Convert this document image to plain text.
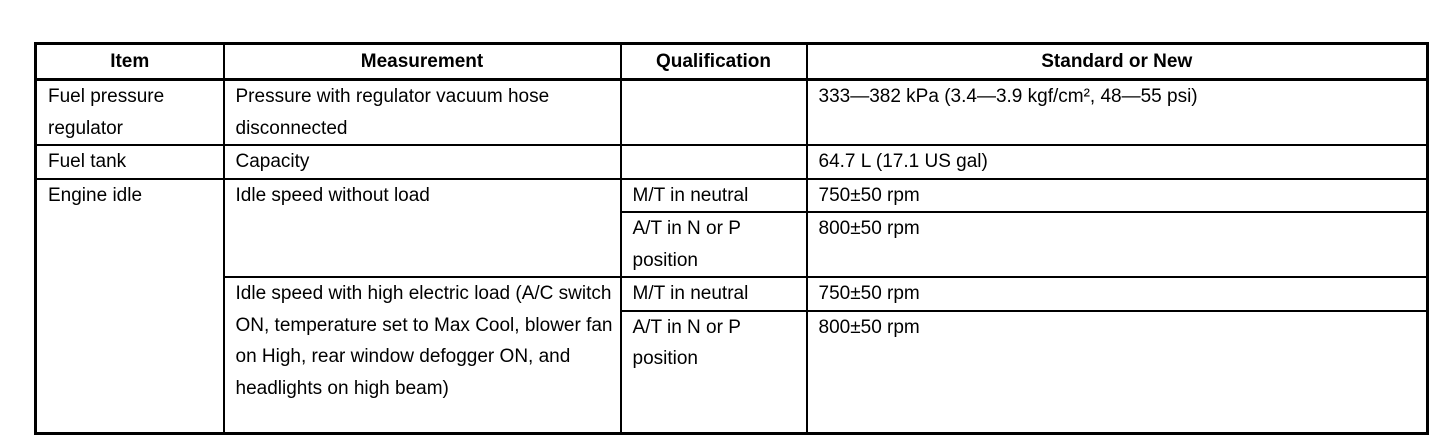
Item	Measurement	Qualification	Standard or New
Fuel pressure regulator	Pressure with regulator vacuum hose disconnected		333—382 kPa (3.4—3.9 kgf/cm², 48—55 psi)
Fuel tank	Capacity		64.7 L (17.1 US gal)
Engine idle	Idle speed without load	M/T in neutral	750±50 rpm
		A/T in N or P position	800±50 rpm
	Idle speed with high electric load (A/C switch ON, temperature set to Max Cool, blower fan on High, rear window defogger ON, and headlights on high beam)	M/T in neutral	750±50 rpm
		A/T in N or P position	800±50 rpm
